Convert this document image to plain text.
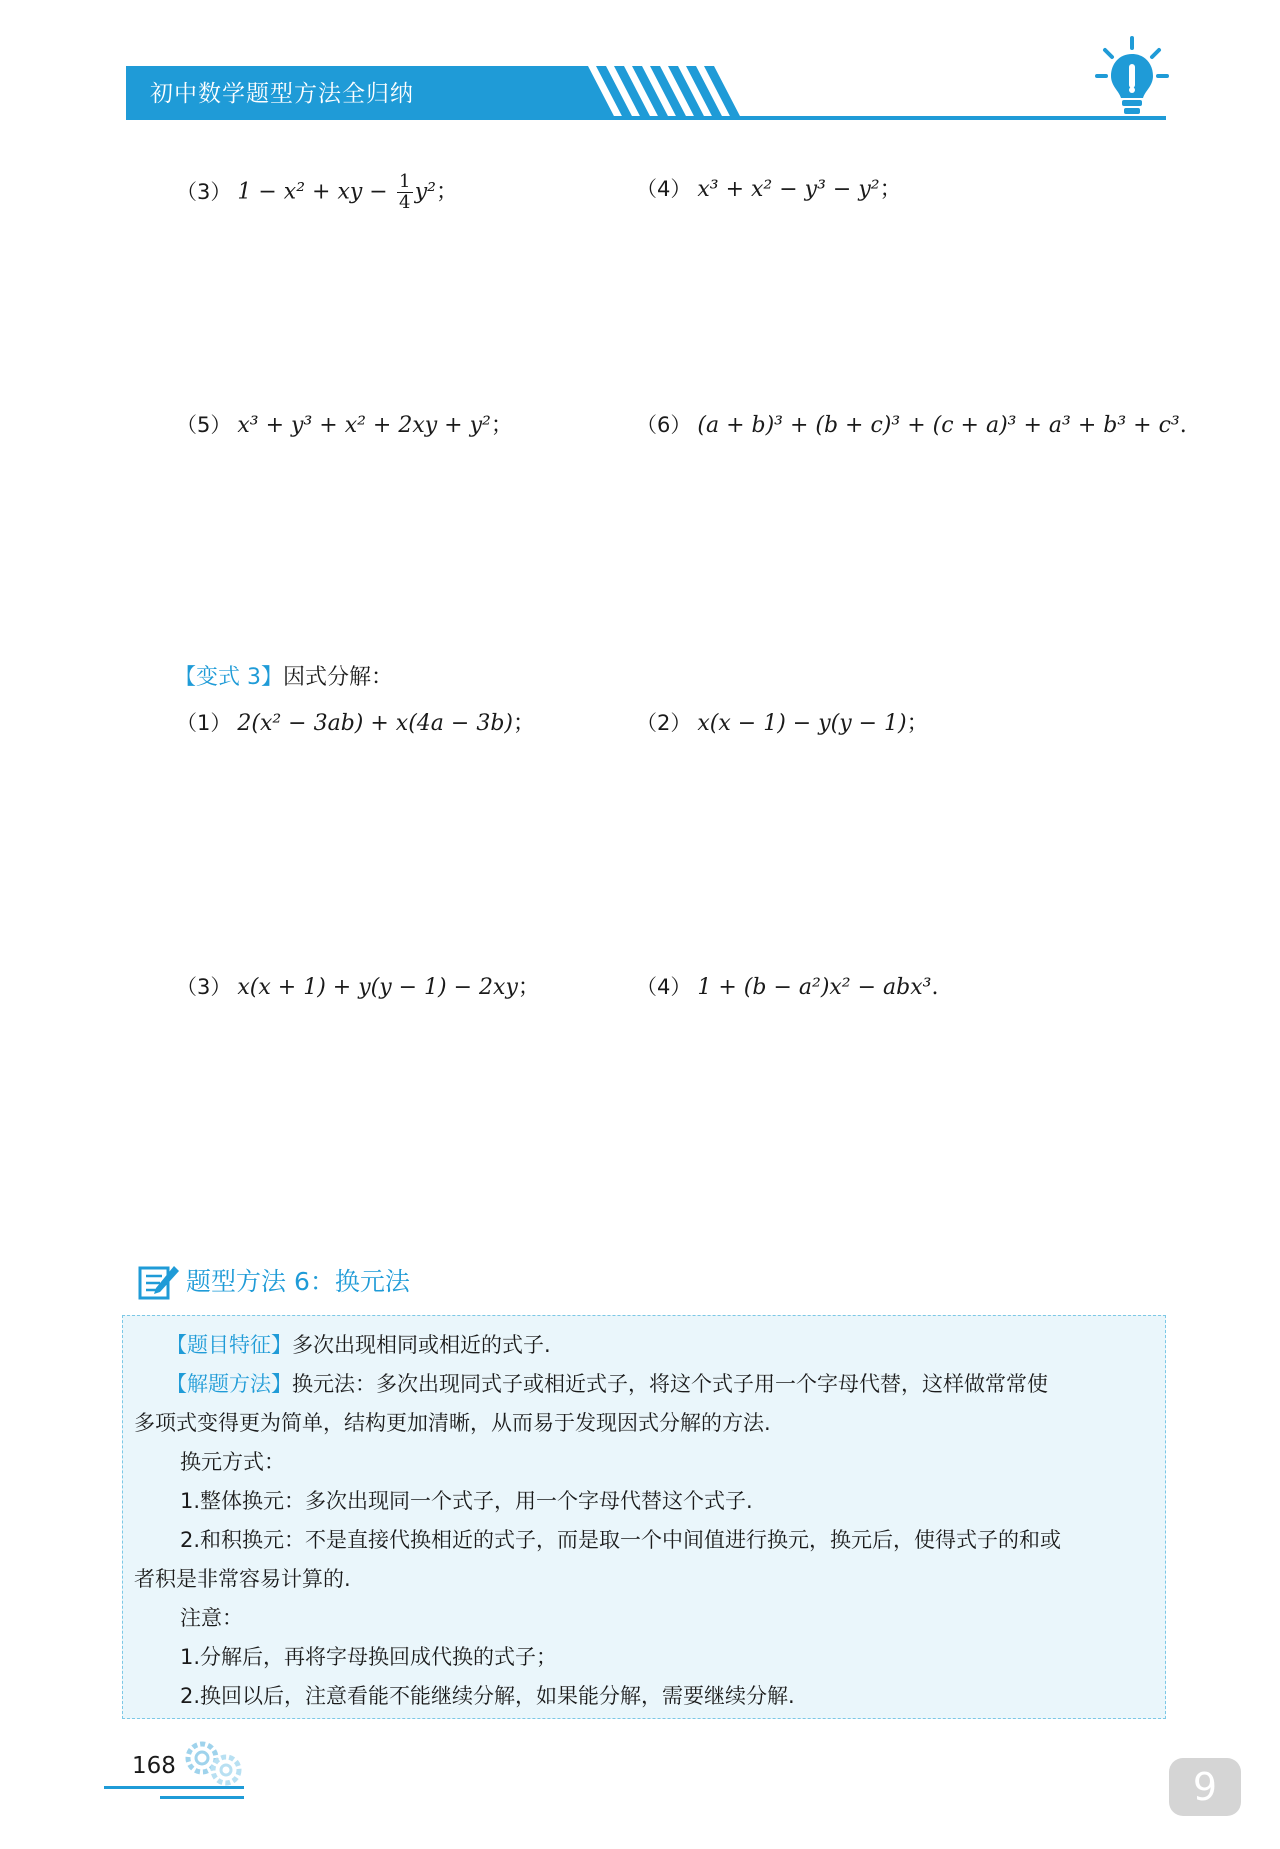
初中数学题型方法全归纳
（3） 1 − x² + xy − $\frac{1}{4} y^2$；	（4） x³ + x² − y³ − y²；
（5） x³ + y³ + x² + 2xy + y²；	（6） (a + b)³ + (b + c)³ + (c + a)³ + a³ + b³ + c³.
【变式 3】因式分解：
（1） 2(x² − 3ab) + x(4a − 3b)；	（2） x(x − 1) − y(y − 1)；
（3） x(x + 1) + y(y − 1) − 2xy；	（4） 1 + (b − a²)x² − abx³.
题型方法 6：换元法
【题目特征】多次出现相同或相近的式子.
【解题方法】换元法：多次出现同式子或相近式子，将这个式子用一个字母代替，这样做常常使
多项式变得更为简单，结构更加清晰，从而易于发现因式分解的方法.
换元方式：
1.整体换元：多次出现同一个式子，用一个字母代替这个式子.
2.和积换元：不是直接代换相近的式子，而是取一个中间值进行换元，换元后，使得式子的和或
者积是非常容易计算的.
注意：
1.分解后，再将字母换回成代换的式子；
2.换回以后，注意看能不能继续分解，如果能分解，需要继续分解.
168	9
